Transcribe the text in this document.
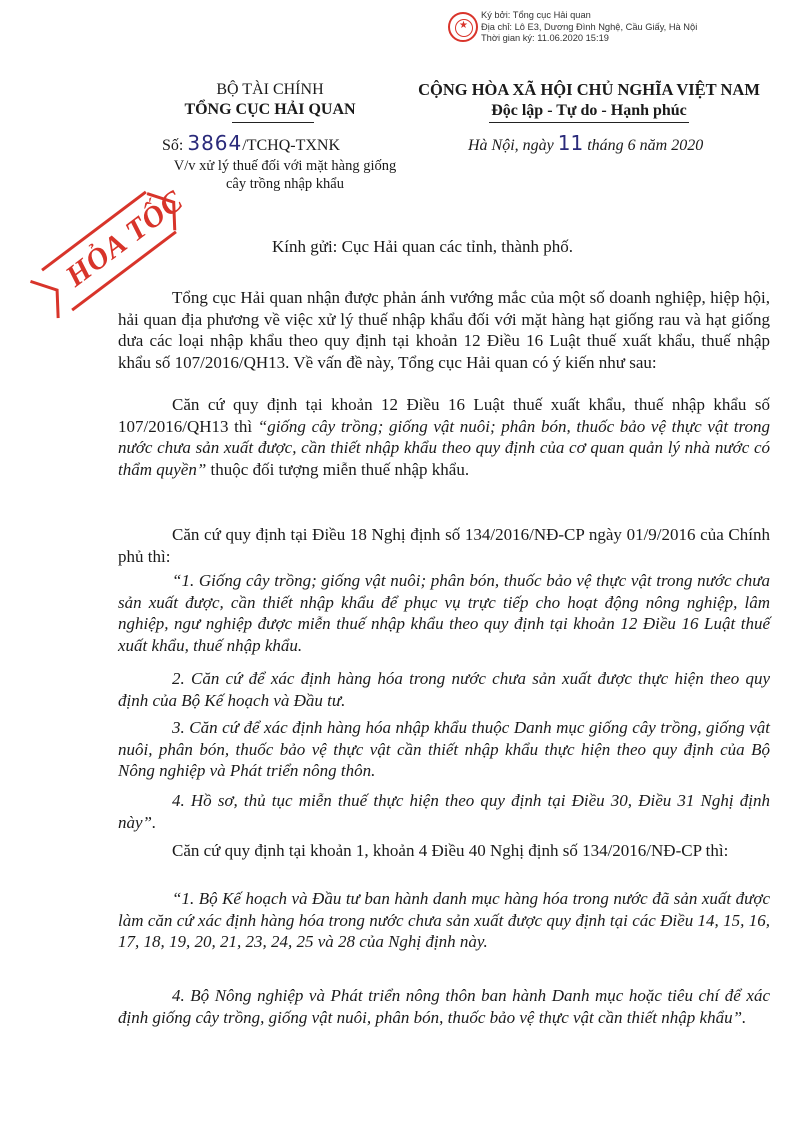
★
Ký bởi: Tổng cục Hải quan
Địa chỉ: Lô E3, Dương Đình Nghệ, Cầu Giấy, Hà Nội
Thời gian ký: 11.06.2020 15:19
BỘ TÀI CHÍNH
TỔNG CỤC HẢI QUAN
CỘNG HÒA XÃ HỘI CHỦ NGHĨA VIỆT NAM
Độc lập - Tự do - Hạnh phúc
Số: 3864/TCHQ-TXNK	Hà Nội, ngày 11 tháng 6 năm 2020
V/v xử lý thuế đối với mặt hàng giống
cây trồng nhập khẩu
HỎA TỐC	Kính gửi: Cục Hải quan các tỉnh, thành phố.

Tổng cục Hải quan nhận được phản ánh vướng mắc của một số doanh nghiệp, hiệp hội, hải quan địa phương về việc xử lý thuế nhập khẩu đối với mặt hàng hạt giống rau và hạt giống dưa các loại nhập khẩu theo quy định tại khoản 12 Điều 16 Luật thuế xuất khẩu, thuế nhập khẩu số 107/2016/QH13. Về vấn đề này, Tổng cục Hải quan có ý kiến như sau:

Căn cứ quy định tại khoản 12 Điều 16 Luật thuế xuất khẩu, thuế nhập khẩu số 107/2016/QH13 thì “giống cây trồng; giống vật nuôi; phân bón, thuốc bảo vệ thực vật trong nước chưa sản xuất được, cần thiết nhập khẩu theo quy định của cơ quan quản lý nhà nước có thẩm quyền” thuộc đối tượng miễn thuế nhập khẩu.

Căn cứ quy định tại Điều 18 Nghị định số 134/2016/NĐ-CP ngày 01/9/2016 của Chính phủ thì:

“1. Giống cây trồng; giống vật nuôi; phân bón, thuốc bảo vệ thực vật trong nước chưa sản xuất được, cần thiết nhập khẩu để phục vụ trực tiếp cho hoạt động nông nghiệp, lâm nghiệp, ngư nghiệp được miễn thuế nhập khẩu theo quy định tại khoản 12 Điều 16 Luật thuế xuất khẩu, thuế nhập khẩu.

2. Căn cứ để xác định hàng hóa trong nước chưa sản xuất được thực hiện theo quy định của Bộ Kế hoạch và Đầu tư.

3. Căn cứ để xác định hàng hóa nhập khẩu thuộc Danh mục giống cây trồng, giống vật nuôi, phân bón, thuốc bảo vệ thực vật cần thiết nhập khẩu thực hiện theo quy định của Bộ Nông nghiệp và Phát triển nông thôn.

4. Hồ sơ, thủ tục miễn thuế thực hiện theo quy định tại Điều 30, Điều 31 Nghị định này”.

Căn cứ quy định tại khoản 1, khoản 4 Điều 40 Nghị định số 134/2016/NĐ-CP thì:

“1. Bộ Kế hoạch và Đầu tư ban hành danh mục hàng hóa trong nước đã sản xuất được làm căn cứ xác định hàng hóa trong nước chưa sản xuất được quy định tại các Điều 14, 15, 16, 17, 18, 19, 20, 21, 23, 24, 25 và 28 của Nghị định này.

4. Bộ Nông nghiệp và Phát triển nông thôn ban hành Danh mục hoặc tiêu chí để xác định giống cây trồng, giống vật nuôi, phân bón, thuốc bảo vệ thực vật cần thiết nhập khẩu”.
